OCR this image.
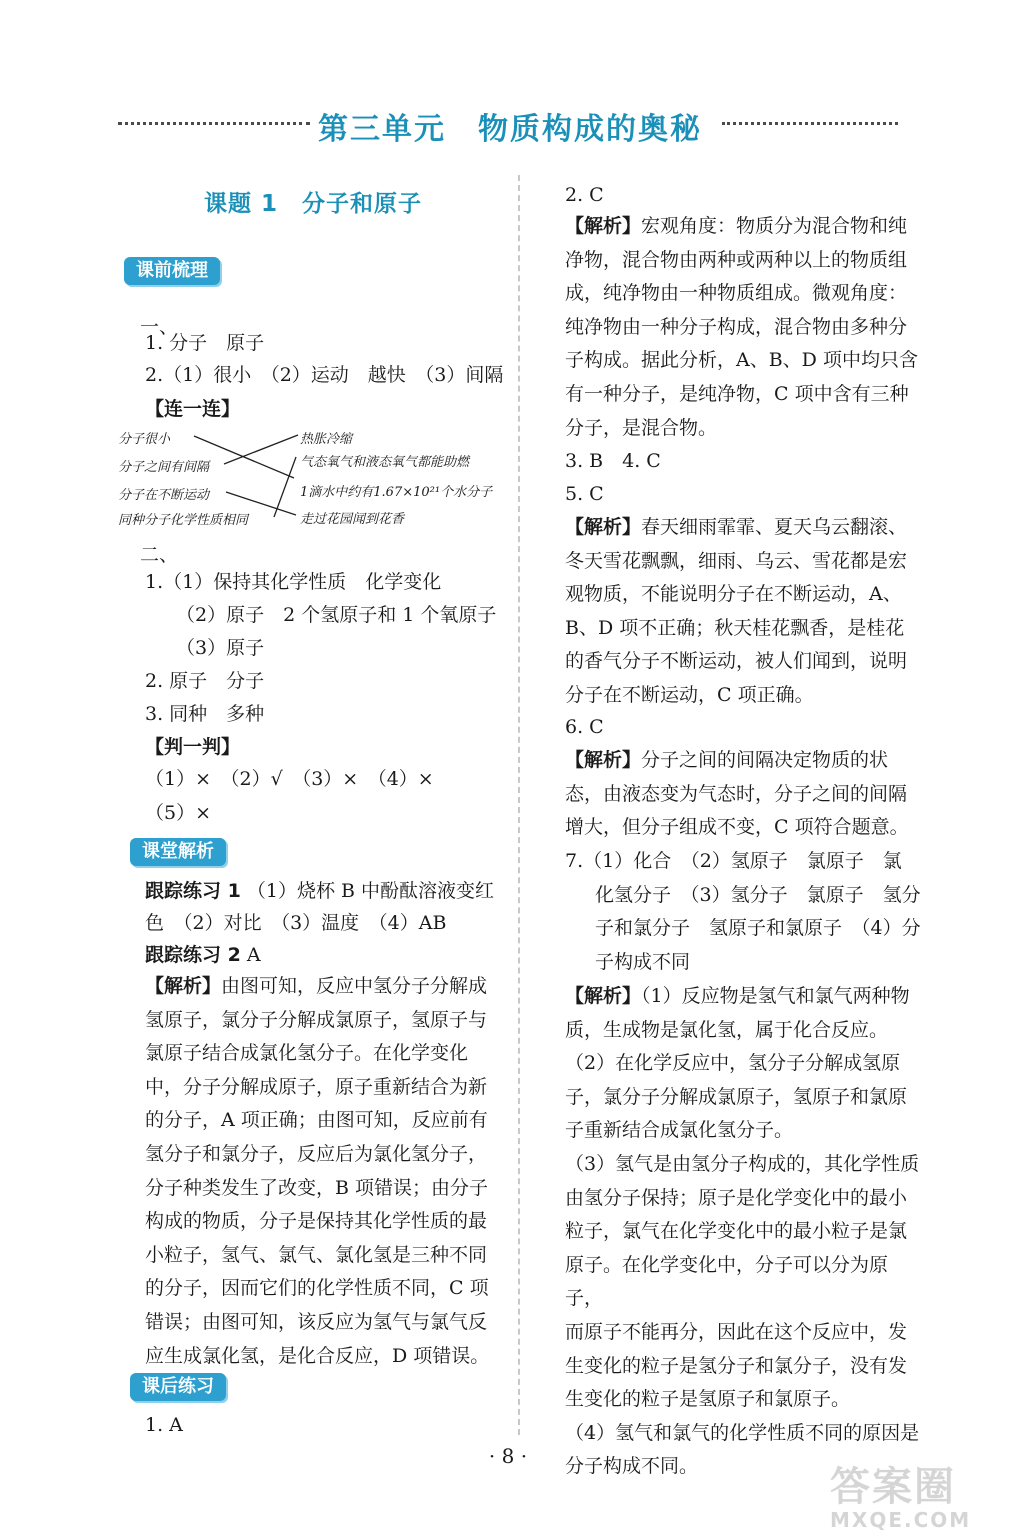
第三单元　物质构成的奥秘
课题 1　分子和原子
课前梳理
一、
1. 分子　原子
2.（1）很小　（2）运动　越快　（3）间隔
【连一连】
分子很小
分子之间有间隔
分子在不断运动
同种分子化学性质相同
热胀冷缩
气态氧气和液态氧气都能助燃
1滴水中约有1.67×10²¹个水分子
走过花园闻到花香
二、
1.（1）保持其化学性质　化学变化
（2）原子　2 个氢原子和 1 个氧原子
（3）原子
2. 原子　分子
3. 同种　多种
【判一判】
（1）×　（2）√　（3）×　（4）×
（5）×
课堂解析
跟踪练习 1 （1）烧杯 B 中酚酞溶液变红
色　（2）对比　（3）温度　（4）AB
跟踪练习 2 A
【解析】由图可知，反应中氢分子分解成
氢原子，氯分子分解成氯原子，氢原子与
氯原子结合成氯化氢分子。在化学变化
中，分子分解成原子，原子重新结合为新
的分子，A 项正确；由图可知，反应前有
氢分子和氯分子，反应后为氯化氢分子，
分子种类发生了改变，B 项错误；由分子
构成的物质，分子是保持其化学性质的最
小粒子，氢气、氯气、氯化氢是三种不同
的分子，因而它们的化学性质不同，C 项
错误；由图可知，该反应为氢气与氯气反
应生成氯化氢，是化合反应，D 项错误。
课后练习
1. A
2. C
【解析】宏观角度：物质分为混合物和纯
净物，混合物由两种或两种以上的物质组
成，纯净物由一种物质组成。微观角度：
纯净物由一种分子构成，混合物由多种分
子构成。据此分析，A、B、D 项中均只含
有一种分子，是纯净物，C 项中含有三种
分子，是混合物。
3. B　4. C
5. C
【解析】春天细雨霏霏、夏天乌云翻滚、
冬天雪花飘飘，细雨、乌云、雪花都是宏
观物质，不能说明分子在不断运动，A、
B、D 项不正确；秋天桂花飘香，是桂花
的香气分子不断运动，被人们闻到，说明
分子在不断运动，C 项正确。
6. C
【解析】分子之间的间隔决定物质的状
态，由液态变为气态时，分子之间的间隔
增大，但分子组成不变，C 项符合题意。
7.（1）化合　（2）氢原子　氯原子　氯
化氢分子　（3）氢分子　氯原子　氢分
子和氯分子　氢原子和氯原子　（4）分
子构成不同
【解析】（1）反应物是氢气和氯气两种物
质，生成物是氯化氢，属于化合反应。
（2）在化学反应中，氢分子分解成氢原
子，氯分子分解成氯原子，氢原子和氯原
子重新结合成氯化氢分子。
（3）氢气是由氢分子构成的，其化学性质
由氢分子保持；原子是化学变化中的最小
粒子，氯气在化学变化中的最小粒子是氯
原子。在化学变化中，分子可以分为原子，
而原子不能再分，因此在这个反应中，发
生变化的粒子是氢分子和氯分子，没有发
生变化的粒子是氢原子和氯原子。
（4）氢气和氯气的化学性质不同的原因是
分子构成不同。
· 8 ·
答案圈
MXQE.COM
